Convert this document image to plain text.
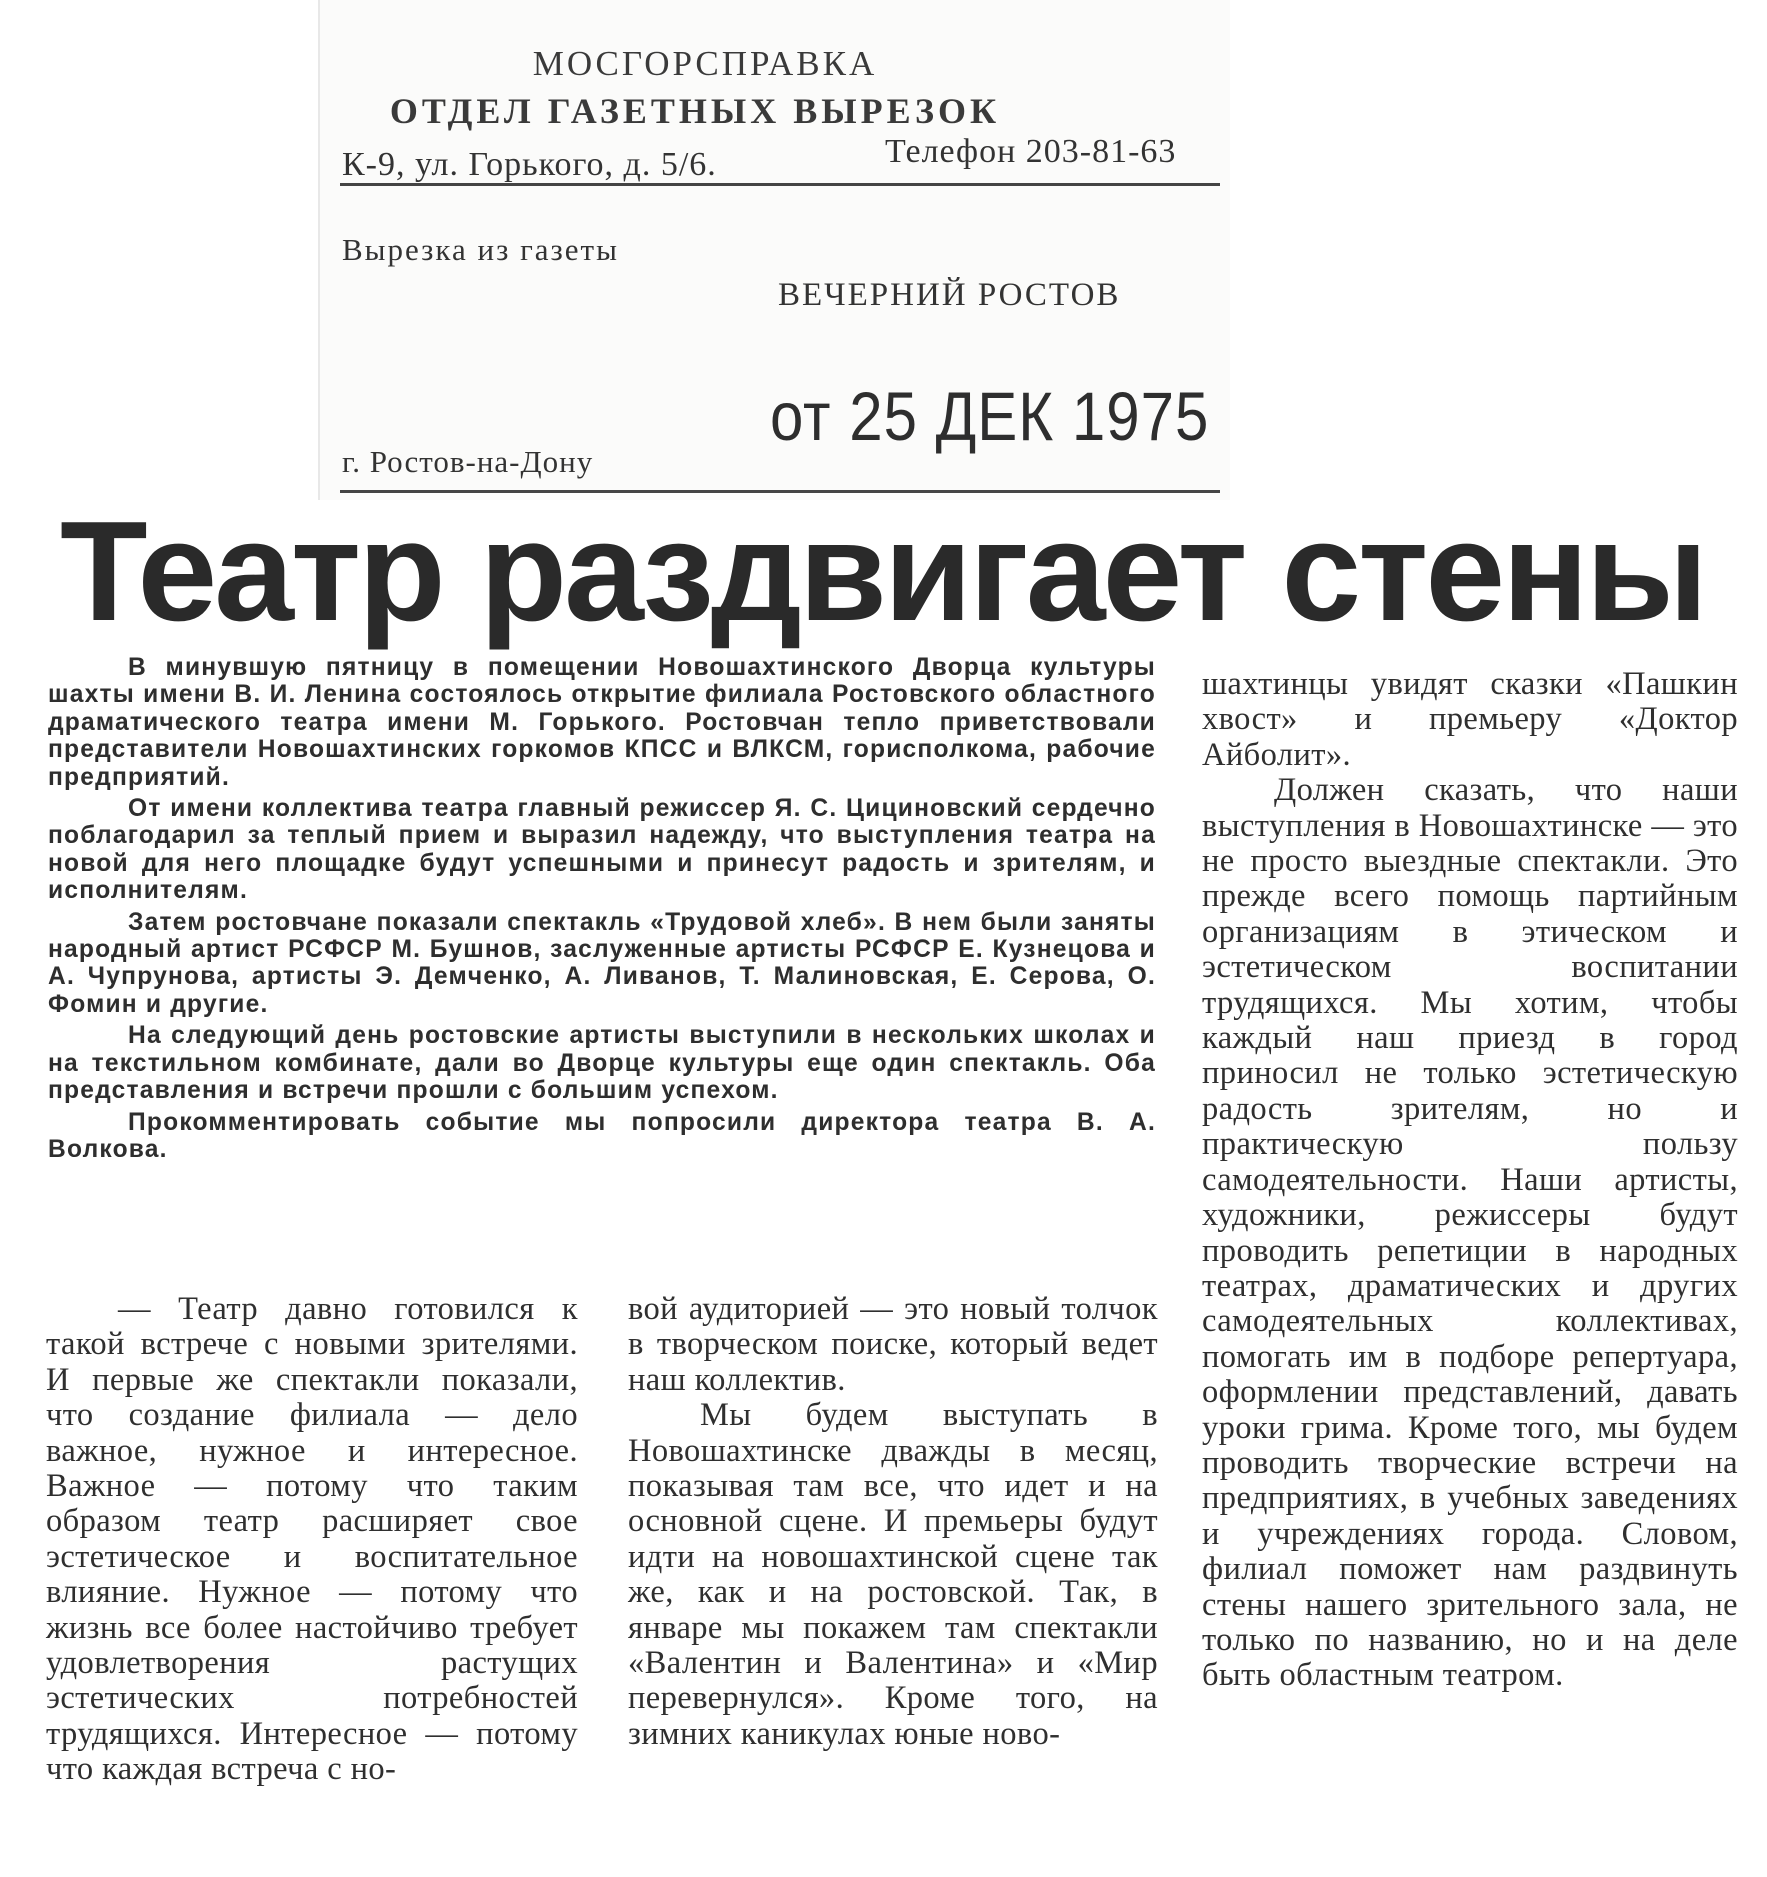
МОСГОРСПРАВКА
ОТДЕЛ ГАЗЕТНЫХ ВЫРЕЗОК
К-9, ул. Горького, д. 5/6.	Телефон 203-81-63
Вырезка из газеты
ВЕЧЕРНИЙ РОСТОВ
от 25 ДЕК 1975
г. Ростов-на-Дону
Театр раздвигает стены

В минувшую пятницу в помещении Новошахтинского Дворца культуры шахты имени В. И. Ленина состоялось открытие филиала Ростовского областного драматического театра имени М. Горького. Ростовчан тепло приветствовали представители Новошахтинских горкомов КПСС и ВЛКСМ, горисполкома, рабочие предприятий.

От имени коллектива театра главный режиссер Я. С. Цициновский сердечно поблагодарил за теплый прием и выразил надежду, что выступления театра на новой для него площадке будут успешными и принесут радость и зрителям, и исполнителям.

Затем ростовчане показали спектакль «Трудовой хлеб». В нем были заняты народный артист РСФСР М. Бушнов, заслуженные артисты РСФСР Е. Кузнецова и А. Чупрунова, артисты Э. Демченко, А. Ливанов, Т. Малиновская, Е. Серова, О. Фомин и другие.

На следующий день ростовские артисты выступили в нескольких школах и на текстильном комбинате, дали во Дворце культуры еще один спектакль. Оба представления и встречи прошли с большим успехом.

Прокомментировать событие мы попросили директора театра В. А. Волкова.

— Театр давно готовился к такой встрече с новыми зрителями. И первые же спектакли показали, что создание филиала — дело важное, нужное и интересное. Важное — потому что таким образом театр расширяет свое эстетическое и воспитательное влияние. Нужное — потому что жизнь все более настойчиво требует удовлетворения растущих эстетических потребностей трудящихся. Интересное — потому что каждая встреча с но-

вой аудиторией — это новый толчок в творческом поиске, который ведет наш коллектив.

Мы будем выступать в Новошахтинске дважды в месяц, показывая там все, что идет и на основной сцене. И премьеры будут идти на новошахтинской сцене так же, как и на ростовской. Так, в январе мы покажем там спектакли «Валентин и Валентина» и «Мир перевернулся». Кроме того, на зимних каникулах юные ново-

шахтинцы увидят сказки «Пашкин хвост» и премьеру «Доктор Айболит».

Должен сказать, что наши выступления в Новошахтинске — это не просто выездные спектакли. Это прежде всего помощь партийным организациям в этическом и эстетическом воспитании трудящихся. Мы хотим, чтобы каждый наш приезд в город приносил не только эстетическую радость зрителям, но и практическую пользу самодеятельности. Наши артисты, художники, режиссеры будут проводить репетиции в народных театрах, драматических и других самодеятельных коллективах, помогать им в подборе репертуара, оформлении представлений, давать уроки грима. Кроме того, мы будем проводить творческие встречи на предприятиях, в учебных заведениях и учреждениях города. Словом, филиал поможет нам раздвинуть стены нашего зрительного зала, не только по названию, но и на деле быть областным театром.
